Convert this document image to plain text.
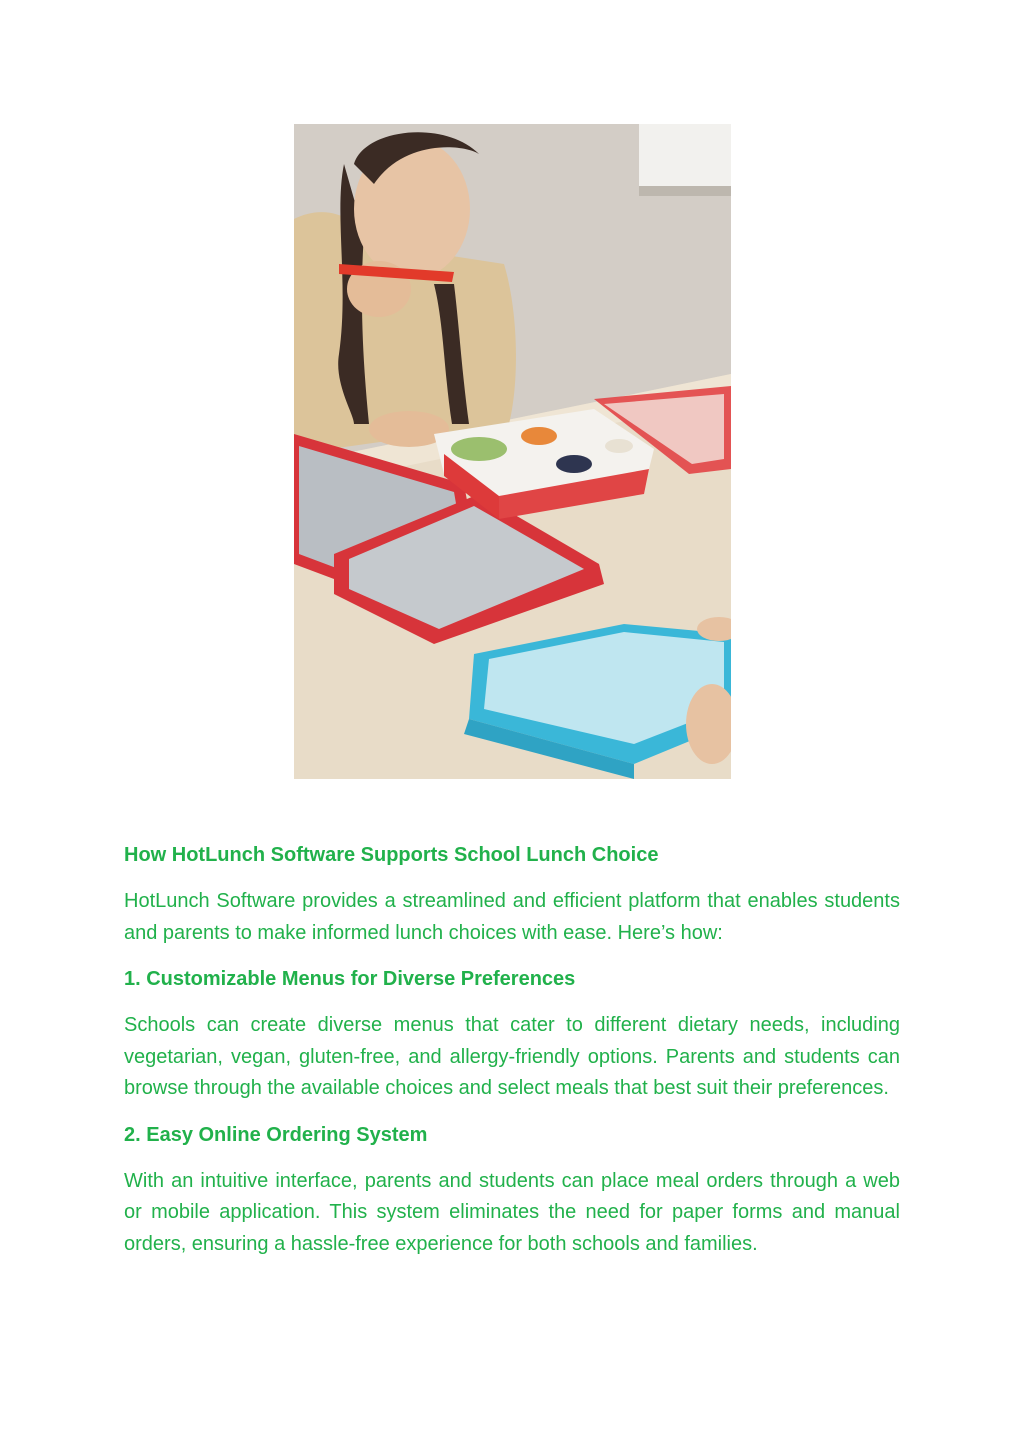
How HotLunch Software Supports School Lunch Choice
HotLunch Software provides a streamlined and efficient platform that enables students and parents to make informed lunch choices with ease. Here’s how:
1. Customizable Menus for Diverse Preferences
Schools can create diverse menus that cater to different dietary needs, including vegetarian, vegan, gluten-free, and allergy-friendly options. Parents and students can browse through the available choices and select meals that best suit their preferences.
2. Easy Online Ordering System
With an intuitive interface, parents and students can place meal orders through a web or mobile application. This system eliminates the need for paper forms and manual orders, ensuring a hassle-free experience for both schools and families.
